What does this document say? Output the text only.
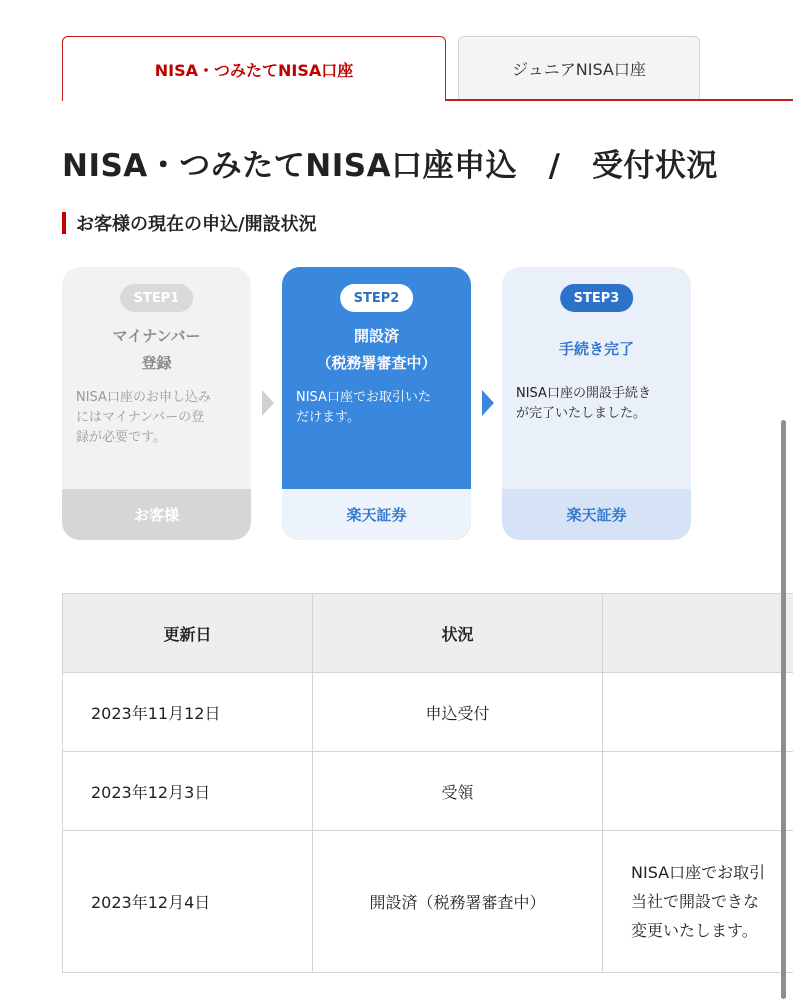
NISA・つみたてNISA口座	ジュニアNISA口座
NISA・つみたてNISA口座申込　/　受付状況
お客様の現在の申込/開設状況
STEP1
マイナンバー
登録
NISA口座のお申し込み
にはマイナンバーの登
録が必要です。
お客様
STEP2
開設済
（税務署審査中）
NISA口座でお取引いた
だけます。
楽天証券
STEP3
手続き完了
NISA口座の開設手続き
が完了いたしました。
楽天証券
更新日	状況	
2023年11月12日	申込受付	
2023年12月3日	受領	
2023年12月4日	開設済（税務署審査中）	NISA口座でお取引
当社で開設できな
変更いたします。
